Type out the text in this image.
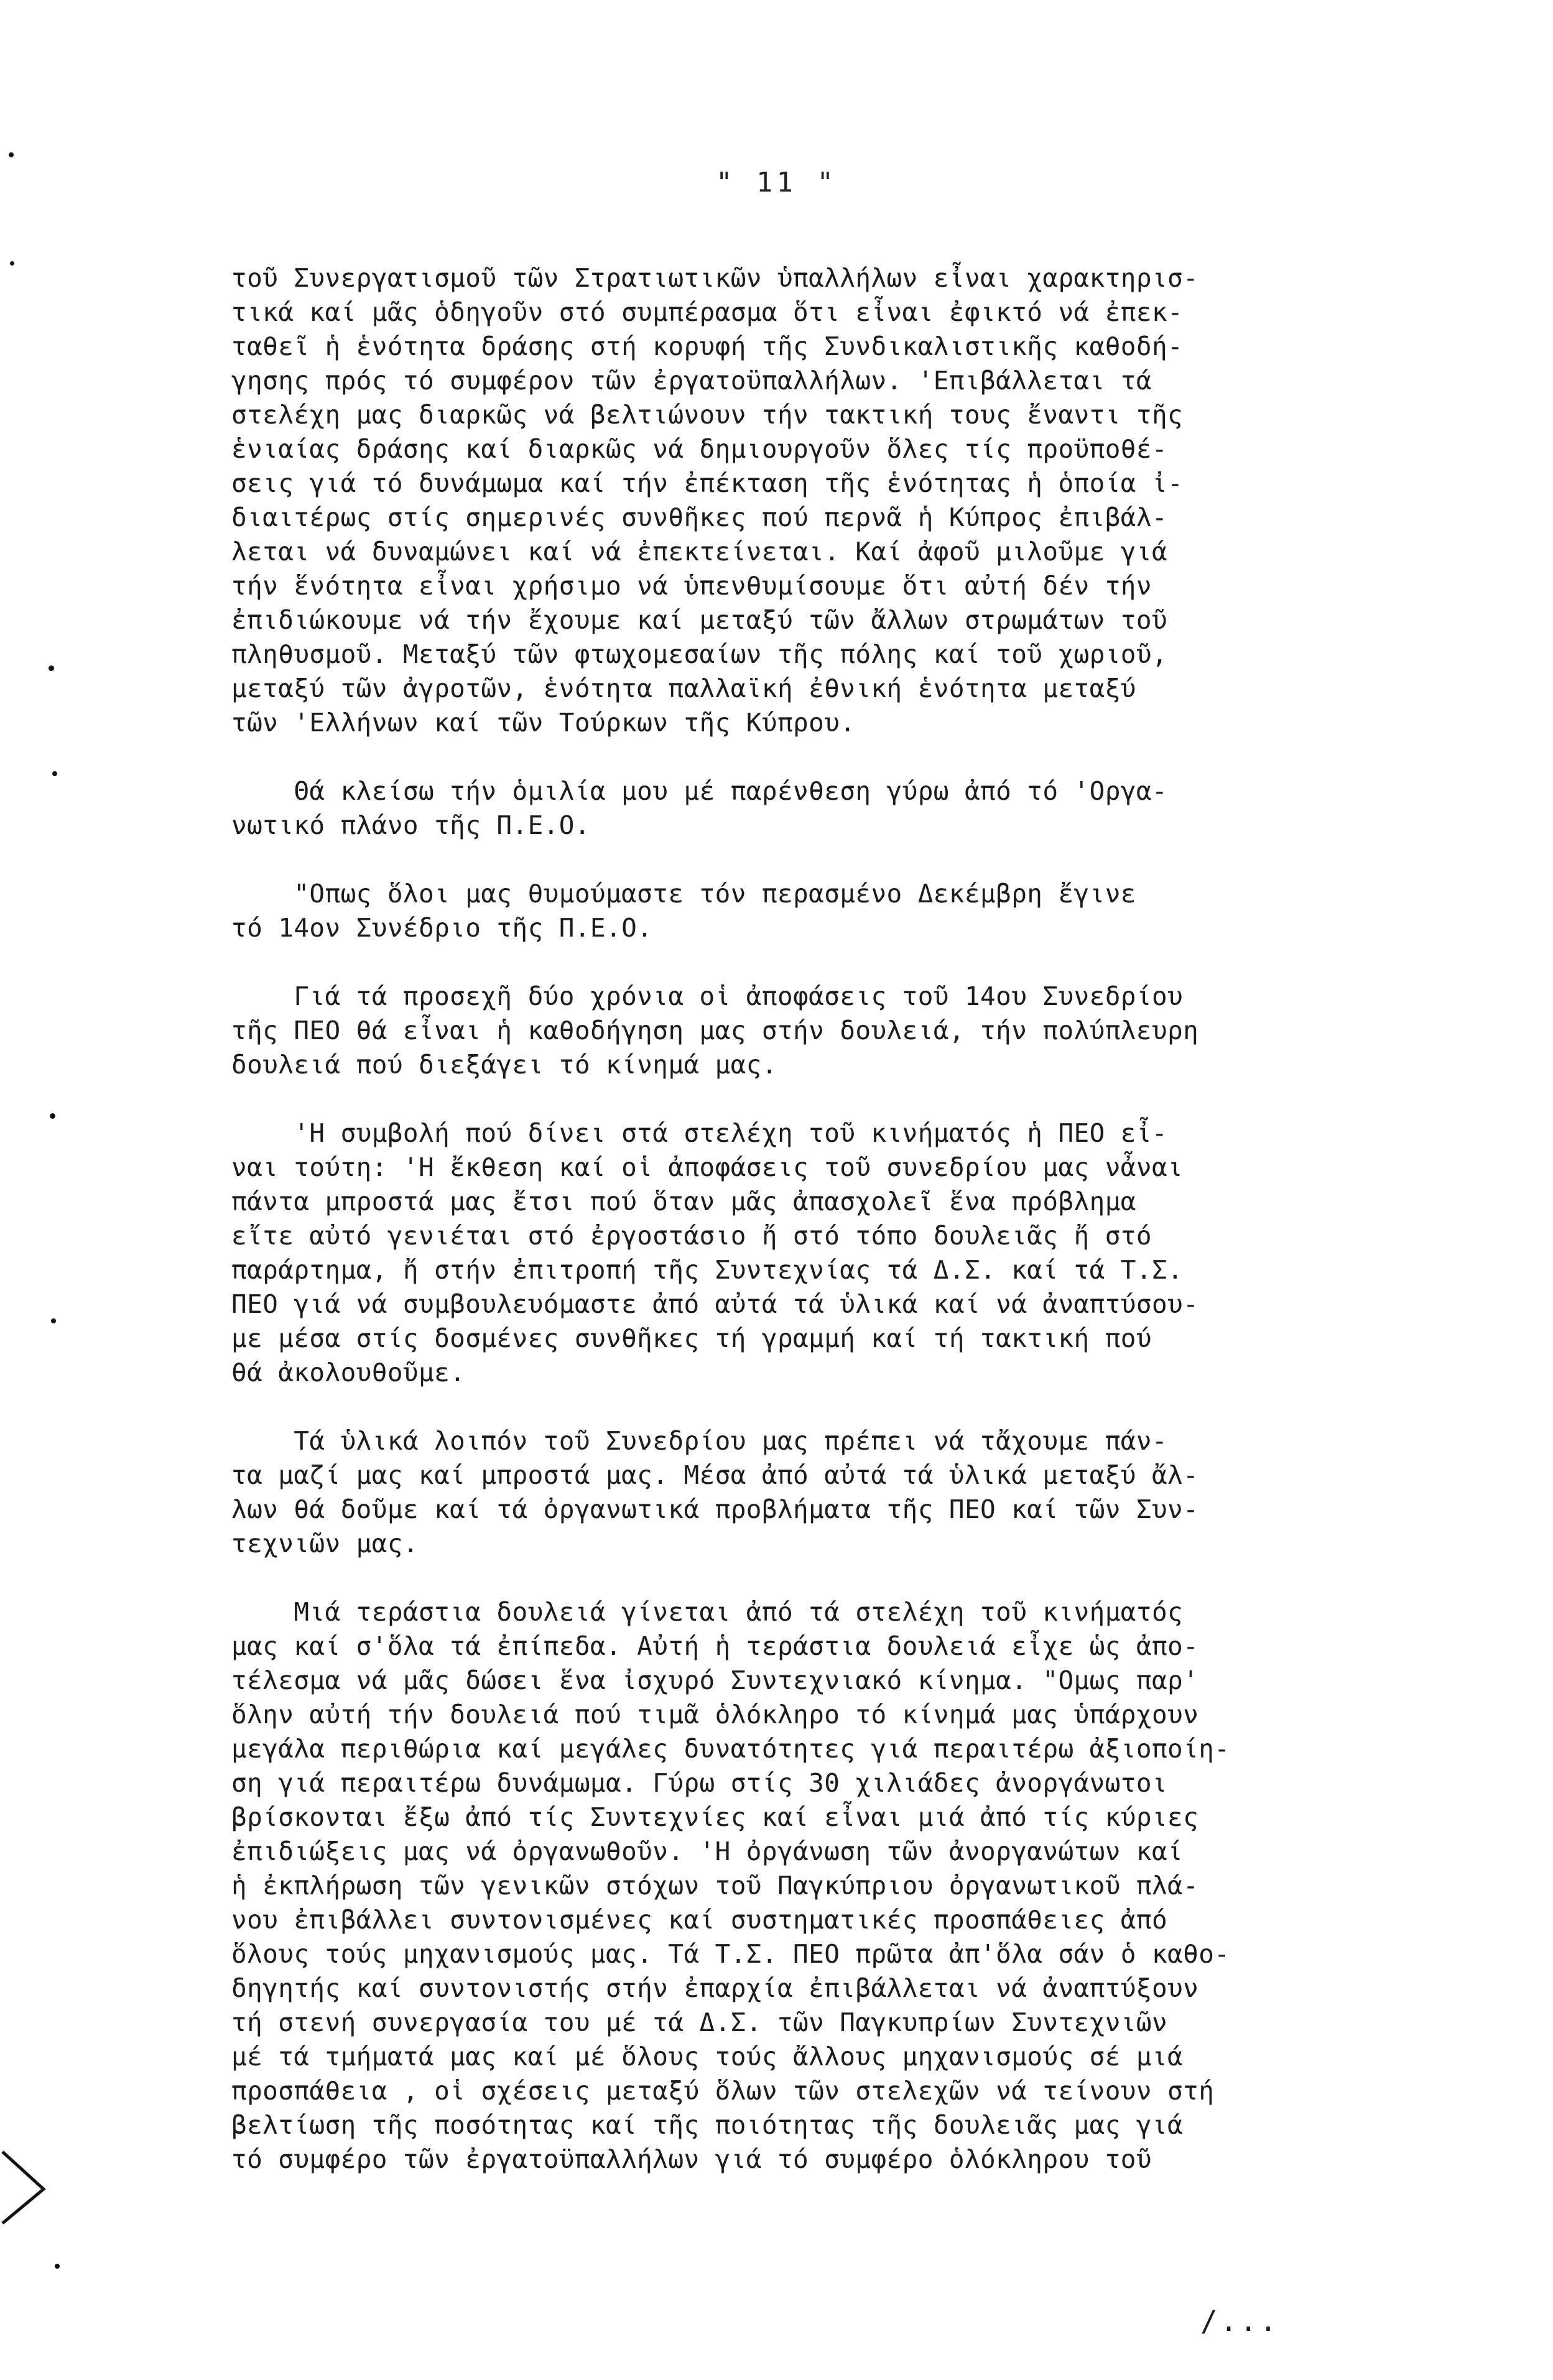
" 11 "
τοῦ Συνεργατισμοῦ τῶν Στρατιωτικῶν ὑπαλλήλων εἶναι χαρακτηρισ-
τικά καί μᾶς ὁδηγοῦν στό συμπέρασμα ὅτι εἶναι ἐφικτό νά ἐπεκ-
ταθεῖ ἡ ἑνότητα δράσης στή κορυφή τῆς Συνδικαλιστικῆς καθοδή-
γησης πρός τό συμφέρον τῶν ἐργατοϋπαλλήλων. 'Επιβάλλεται τά
στελέχη μας διαρκῶς νά βελτιώνουν τήν τακτική τους ἔναντι τῆς
ἑνιαίας δράσης καί διαρκῶς νά δημιουργοῦν ὅλες τίς προϋποθέ-
σεις γιά τό δυνάμωμα καί τήν ἐπέκταση τῆς ἑνότητας ἡ ὁποία ἰ-
διαιτέρως στίς σημερινές συνθῆκες πού περνᾶ ἡ Κύπρος ἐπιβάλ-
λεται νά δυναμώνει καί νά ἐπεκτείνεται. Καί ἀφοῦ μιλοῦμε γιά
τήν ἕνότητα εἶναι χρήσιμο νά ὑπενθυμίσουμε ὅτι αὐτή δέν τήν
ἐπιδιώκουμε νά τήν ἔχουμε καί μεταξύ τῶν ἄλλων στρωμάτων τοῦ
πληθυσμοῦ. Μεταξύ τῶν φτωχομεσαίων τῆς πόλης καί τοῦ χωριοῦ,
μεταξύ τῶν ἀγροτῶν, ἑνότητα παλλαϊκή ἐθνική ἑνότητα μεταξύ
τῶν 'Ελλήνων καί τῶν Τούρκων τῆς Κύπρου.
Θά κλείσω τήν ὁμιλία μου μέ παρένθεση γύρω ἀπό τό 'Οργα-
νωτικό πλάνο τῆς Π.Ε.Ο.
"Οπως ὅλοι μας θυμούμαστε τόν περασμένο Δεκέμβρη ἔγινε
τό 14ον Συνέδριο τῆς Π.Ε.Ο.
Γιά τά προσεχῆ δύο χρόνια οἱ ἀποφάσεις τοῦ 14ου Συνεδρίου
τῆς ΠΕΟ θά εἶναι ἡ καθοδήγηση μας στήν δουλειά, τήν πολύπλευρη
δουλειά πού διεξάγει τό κίνημά μας.
'Η συμβολή πού δίνει στά στελέχη τοῦ κινήματός ἡ ΠΕΟ εἶ-
ναι τούτη: 'Η ἔκθεση καί οἱ ἀποφάσεις τοῦ συνεδρίου μας νἆναι
πάντα μπροστά μας ἔτσι πού ὅταν μᾶς ἀπασχολεῖ ἕνα πρόβλημα
εἴτε αὐτό γενιέται στό ἐργοστάσιο ἤ στό τόπο δουλειᾶς ἤ στό
παράρτημα, ἤ στήν ἐπιτροπή τῆς Συντεχνίας τά Δ.Σ. καί τά Τ.Σ.
ΠΕΟ γιά νά συμβουλευόμαστε ἀπό αὐτά τά ὑλικά καί νά ἀναπτύσου-
με μέσα στίς δοσμένες συνθῆκες τή γραμμή καί τή τακτική πού
θά ἀκολουθοῦμε.
Τά ὑλικά λοιπόν τοῦ Συνεδρίου μας πρέπει νά τἄχουμε πάν-
τα μαζί μας καί μπροστά μας. Μέσα ἀπό αὐτά τά ὑλικά μεταξύ ἄλ-
λων θά δοῦμε καί τά ὀργανωτικά προβλήματα τῆς ΠΕΟ καί τῶν Συν-
τεχνιῶν μας.
Μιά τεράστια δουλειά γίνεται ἀπό τά στελέχη τοῦ κινήματός
μας καί σ'ὅλα τά ἐπίπεδα. Αὐτή ἡ τεράστια δουλειά εἶχε ὡς ἀπο-
τέλεσμα νά μᾶς δώσει ἕνα ἰσχυρό Συντεχνιακό κίνημα. "Ομως παρ'
ὅλην αὐτή τήν δουλειά πού τιμᾶ ὁλόκληρο τό κίνημά μας ὑπάρχουν
μεγάλα περιθώρια καί μεγάλες δυνατότητες γιά περαιτέρω ἀξιοποίη-
ση γιά περαιτέρω δυνάμωμα. Γύρω στίς 30 χιλιάδες ἀνοργάνωτοι
βρίσκονται ἔξω ἀπό τίς Συντεχνίες καί εἶναι μιά ἀπό τίς κύριες
ἐπιδιώξεις μας νά ὀργανωθοῦν. 'Η ὀργάνωση τῶν ἀνοργανώτων καί
ἡ ἐκπλήρωση τῶν γενικῶν στόχων τοῦ Παγκύπριου ὀργανωτικοῦ πλά-
νου ἐπιβάλλει συντονισμένες καί συστηματικές προσπάθειες ἀπό
ὅλους τούς μηχανισμούς μας. Τά Τ.Σ. ΠΕΟ πρῶτα ἀπ'ὅλα σάν ὁ καθο-
δηγητής καί συντονιστής στήν ἐπαρχία ἐπιβάλλεται νά ἀναπτύξουν
τή στενή συνεργασία του μέ τά Δ.Σ. τῶν Παγκυπρίων Συντεχνιῶν
μέ τά τμήματά μας καί μέ ὅλους τούς ἄλλους μηχανισμούς σέ μιά
προσπάθεια , οἱ σχέσεις μεταξύ ὅλων τῶν στελεχῶν νά τείνουν στή
βελτίωση τῆς ποσότητας καί τῆς ποιότητας τῆς δουλειᾶς μας γιά
τό συμφέρο τῶν ἐργατοϋπαλλήλων γιά τό συμφέρο ὁλόκληρου τοῦ
/...
